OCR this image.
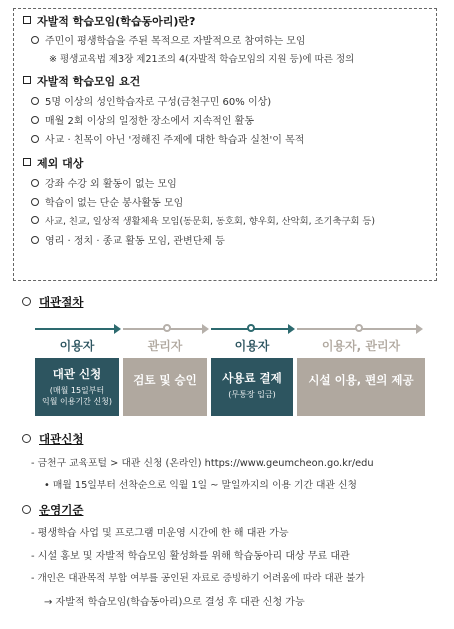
자발적 학습모임(학습동아리)란?
주민이 평생학습을 주된 목적으로 자발적으로 참여하는 모임
※ 평생교육법 제3장 제21조의 4(자발적 학습모임의 지원 등)에 따른 정의
자발적 학습모임 요건
5명 이상의 성인학습자로 구성(금천구민 60% 이상)
매월 2회 이상의 일정한 장소에서 지속적인 활동
사교 · 친목이 아닌 '정해진 주제에 대한 학습과 실천'이 목적
제외 대상
강좌 수강 외 활동이 없는 모임
학습이 없는 단순 봉사활동 모임
사교, 친교, 일상적 생활체육 모임(동문회, 동호회, 향우회, 산악회, 조기축구회 등)
영리 · 정치 · 종교 활동 모임, 관변단체 등
대관절차
이용자	관리자	이용자	이용자, 관리자
대관 신청
(매월 15일부터
익월 이용기간 신청)
검토 및 승인	사용료 결제
(무통장 입금)
시설 이용, 편의 제공
대관신청
- 금천구 교육포털 > 대관 신청 (온라인) https://www.geumcheon.go.kr/edu
• 매월 15일부터 선착순으로 익월 1일 ~ 말일까지의 이용 기간 대관 신청
운영기준
- 평생학습 사업 및 프로그램 미운영 시간에 한 해 대관 가능
- 시설 홍보 및 자발적 학습모임 활성화를 위해 학습동아리 대상 무료 대관
- 개인은 대관목적 부합 여부를 공인된 자료로 증빙하기 어려움에 따라 대관 불가
→ 자발적 학습모임(학습동아리)으로 결성 후 대관 신청 가능
